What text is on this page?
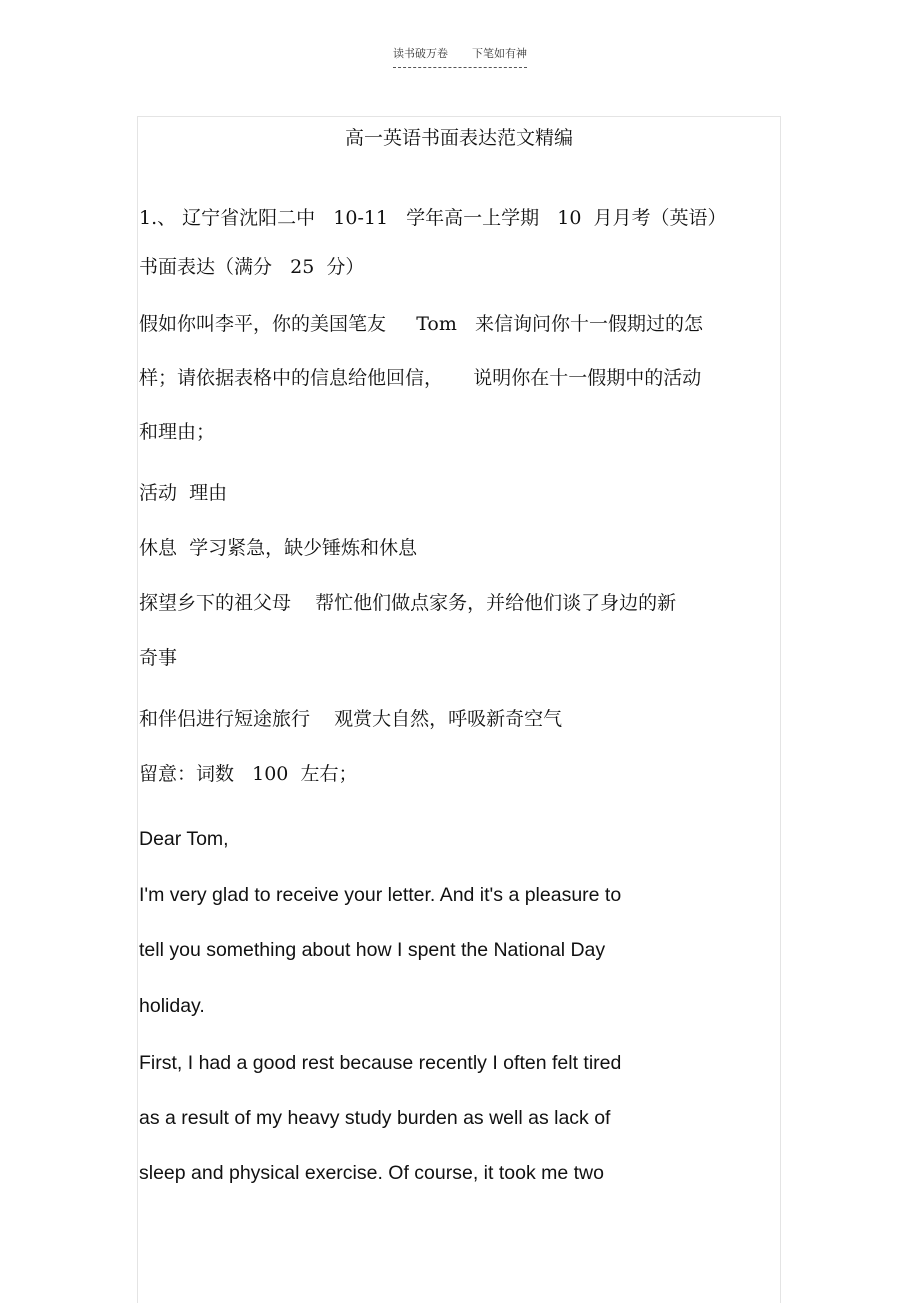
读书破万卷 下笔如有神
高一英语书面表达范文精编
1.、 辽宁省沈阳二中   10-11   学年高一上学期   10  月月考（英语）
书面表达（满分   25  分）
假如你叫李平，你的美国笔友     Tom   来信询问你十一假期过的怎
样；请依据表格中的信息给他回信，     说明你在十一假期中的活动
和理由；
活动  理由
休息  学习紧急，缺少锤炼和休息
探望乡下的祖父母    帮忙他们做点家务，并给他们谈了身边的新
奇事
和伴侣进行短途旅行    观赏大自然，呼吸新奇空气
留意：词数   100  左右；
Dear Tom,
I'm very glad to receive your letter. And it's a pleasure to
tell you something about how I spent the National Day
holiday.
First, I had a good rest because recently I often felt tired
as a result of my heavy study burden as well as lack of
sleep and physical exercise. Of course, it took me two
